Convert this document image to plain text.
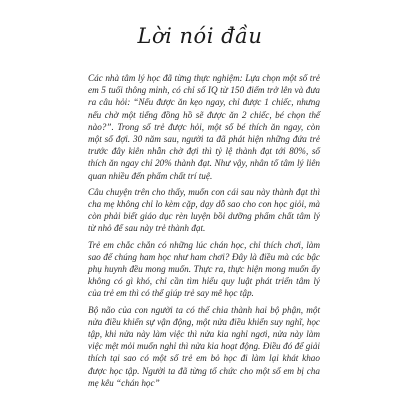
Lời nói đầu

Các nhà tâm lý học đã từng thực nghiệm: Lựa chọn một số trẻ em 5 tuổi thông minh, có chỉ số IQ từ 150 điểm trở lên và đưa ra câu hỏi: “Nếu được ăn kẹo ngay, chỉ được 1 chiếc, nhưng nếu chờ một tiếng đồng hồ sẽ được ăn 2 chiếc, bé chọn thế nào?”. Trong số trẻ được hỏi, một số bé thích ăn ngay, còn một số đợi. 30 năm sau, người ta đã phát hiện những đứa trẻ trước đây kiên nhẫn chờ đợi thì tỷ lệ thành đạt tới 80%, số thích ăn ngay chỉ 20% thành đạt. Như vậy, nhân tố tâm lý liên quan nhiều đến phẩm chất trí tuệ.

Câu chuyện trên cho thấy, muốn con cái sau này thành đạt thì cha mẹ không chỉ lo kèm cặp, dạy dỗ sao cho con học giỏi, mà còn phải biết giáo dục rèn luyện bồi dưỡng phẩm chất tâm lý từ nhỏ để sau này trẻ thành đạt.

Trẻ em chắc chắn có những lúc chán học, chỉ thích chơi, làm sao để chúng ham học như ham chơi? Đây là điều mà các bậc phụ huynh đều mong muốn. Thực ra, thực hiện mong muốn ấy không có gì khó, chỉ cần tìm hiểu quy luật phát triển tâm lý của trẻ em thì có thể giúp trẻ say mê học tập.

Bộ não của con người ta có thể chia thành hai bộ phận, một nửa điều khiển sự vận động, một nửa điều khiển suy nghĩ, học tập, khi nửa này làm việc thì nửa kia nghỉ ngơi, nửa này làm việc mệt mỏi muốn nghỉ thì nửa kia hoạt động. Điều đó để giải thích tại sao có một số trẻ em bỏ học đi làm lại khát khao được học tập. Người ta đã từng tổ chức cho một số em bị cha mẹ kêu “chán học”
